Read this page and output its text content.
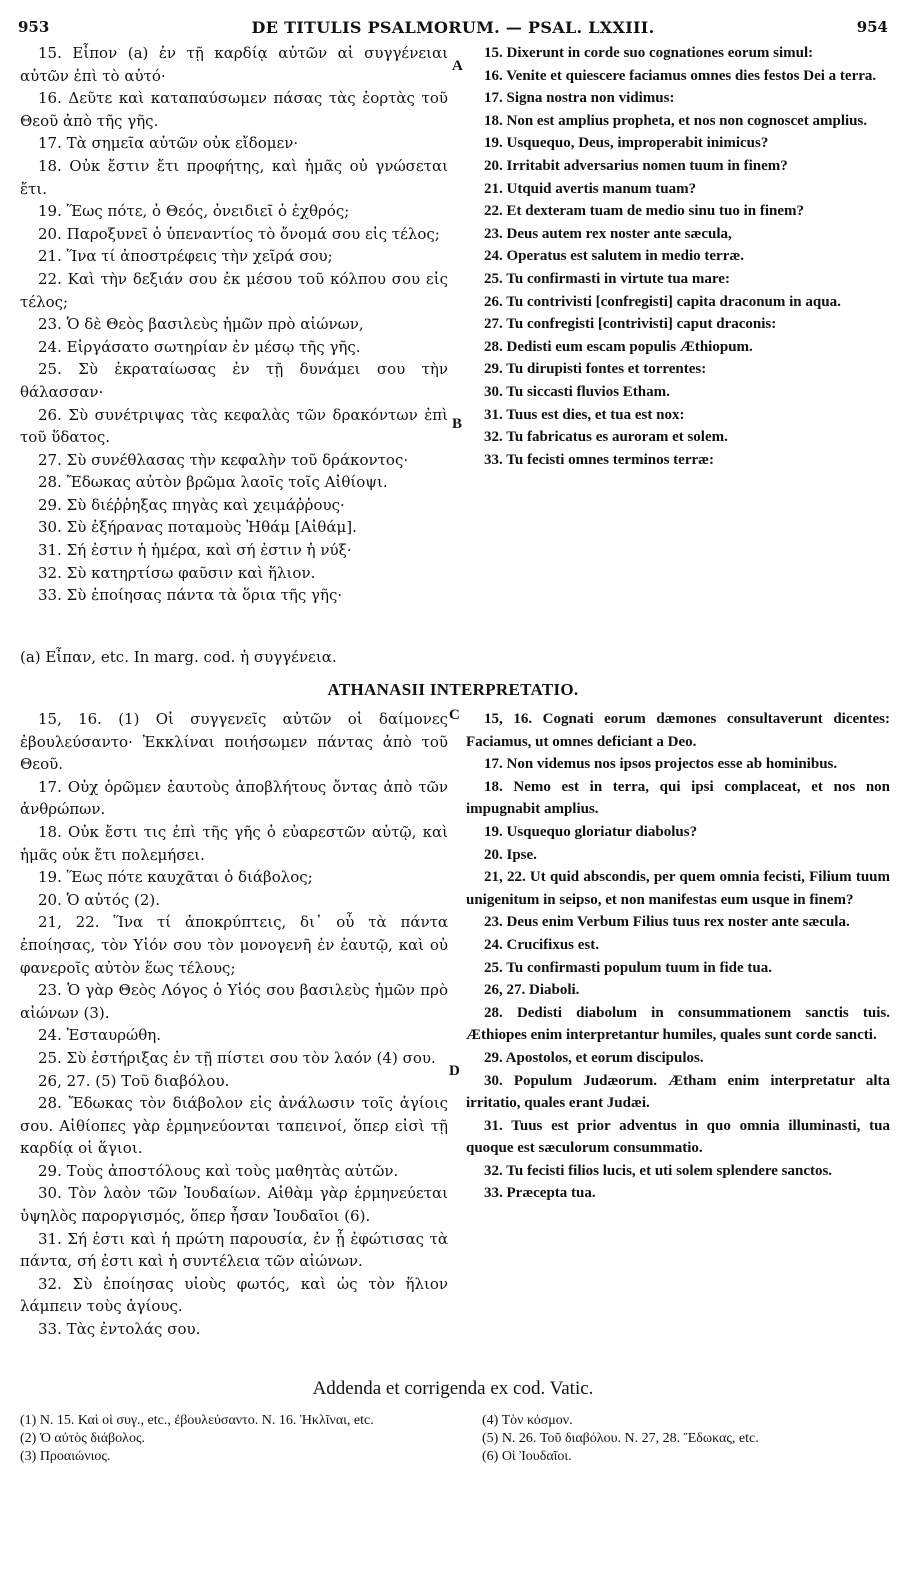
953	DE TITULIS PSALMORUM. — PSAL. LXXIII.	954

15. Εἶπον (a) ἐν τῇ καρδίᾳ αὐτῶν αἱ συγγένειαι αὐτῶν ἐπὶ τὸ αὐτό·

16. Δεῦτε καὶ καταπαύσωμεν πάσας τὰς ἑορτὰς τοῦ Θεοῦ ἀπὸ τῆς γῆς.

17. Τὰ σημεῖα αὐτῶν οὐκ εἴδομεν·

18. Οὐκ ἔστιν ἔτι προφήτης, καὶ ἡμᾶς οὐ γνώσεται ἔτι.

19. Ἕως πότε, ὁ Θεός, ὀνειδιεῖ ὁ ἐχθρός;

20. Παροξυνεῖ ὁ ὑπεναντίος τὸ ὄνομά σου εἰς τέλος;

21. Ἵνα τί ἀποστρέφεις τὴν χεῖρά σου;

22. Καὶ τὴν δεξιάν σου ἐκ μέσου τοῦ κόλπου σου εἰς τέλος;

23. Ὁ δὲ Θεὸς βασιλεὺς ἡμῶν πρὸ αἰώνων,

24. Εἰργάσατο σωτηρίαν ἐν μέσῳ τῆς γῆς.

25. Σὺ ἐκραταίωσας ἐν τῇ δυνάμει σου τὴν θάλασσαν·

26. Σὺ συνέτριψας τὰς κεφαλὰς τῶν δρακόντων ἐπὶ τοῦ ὕδατος.

27. Σὺ συνέθλασας τὴν κεφαλὴν τοῦ δράκοντος·

28. Ἔδωκας αὐτὸν βρῶμα λαοῖς τοῖς Αἰθίοψι.

29. Σὺ διέῤῥηξας πηγὰς καὶ χειμάῤῥους·

30. Σὺ ἐξήρανας ποταμοὺς Ἠθάμ [Αἰθάμ].

31. Σή ἐστιν ἡ ἡμέρα, καὶ σή ἐστιν ἡ νύξ·

32. Σὺ κατηρτίσω φαῦσιν καὶ ἥλιον.

33. Σὺ ἐποίησας πάντα τὰ ὅρια τῆς γῆς·

15. Dixerunt in corde suo cognationes eorum simul:

16. Venite et quiescere faciamus omnes dies festos Dei a terra.

17. Signa nostra non vidimus:

18. Non est amplius propheta, et nos non cognoscet amplius.

19. Usquequo, Deus, improperabit inimicus?

20. Irritabit adversarius nomen tuum in finem?

21. Utquid avertis manum tuam?

22. Et dexteram tuam de medio sinu tuo in finem?

23. Deus autem rex noster ante sæcula,

24. Operatus est salutem in medio terræ.

25. Tu confirmasti in virtute tua mare:

26. Tu contrivisti [confregisti] capita draconum in aqua.

27. Tu confregisti [contrivisti] caput draconis:

28. Dedisti eum escam populis Æthiopum.

29. Tu dirupisti fontes et torrentes:

30. Tu siccasti fluvios Etham.

31. Tuus est dies, et tua est nox:

32. Tu fabricatus es auroram et solem.

33. Tu fecisti omnes terminos terræ:

(a) Εἶπαν, etc. In marg. cod. ἡ συγγένεια.
A
B
C
D
ATHANASII INTERPRETATIO.

15, 16. (1) Οἱ συγγενεῖς αὐτῶν οἱ δαίμονες ἐβουλεύσαντο· Ἐκκλίναι ποιήσωμεν πάντας ἀπὸ τοῦ Θεοῦ.

17. Οὐχ ὁρῶμεν ἑαυτοὺς ἀποβλήτους ὄντας ἀπὸ τῶν ἀνθρώπων.

18. Οὐκ ἔστι τις ἐπὶ τῆς γῆς ὁ εὐαρεστῶν αὐτῷ, καὶ ἡμᾶς οὐκ ἔτι πολεμήσει.

19. Ἕως πότε καυχᾶται ὁ διάβολος;

20. Ὁ αὐτός (2).

21, 22. Ἵνα τί ἀποκρύπτεις, δι᾽ οὗ τὰ πάντα ἐποίησας, τὸν Υἱόν σου τὸν μονογενῆ ἐν ἑαυτῷ, καὶ οὐ φανεροῖς αὐτὸν ἕως τέλους;

23. Ὁ γὰρ Θεὸς Λόγος ὁ Υἱός σου βασιλεὺς ἡμῶν πρὸ αἰώνων (3).

24. Ἐσταυρώθη.

25. Σὺ ἐστήριξας ἐν τῇ πίστει σου τὸν λαόν (4) σου.

26, 27. (5) Τοῦ διαβόλου.

28. Ἔδωκας τὸν διάβολον εἰς ἀνάλωσιν τοῖς ἁγίοις σου. Αἰθίοπες γὰρ ἑρμηνεύονται ταπεινοί, ὅπερ εἰσὶ τῇ καρδίᾳ οἱ ἅγιοι.

29. Τοὺς ἀποστόλους καὶ τοὺς μαθητὰς αὐτῶν.

30. Τὸν λαὸν τῶν Ἰουδαίων. Αἰθὰμ γὰρ ἑρμηνεύεται ὑψηλὸς παροργισμός, ὅπερ ἦσαν Ἰουδαῖοι (6).

31. Σή ἐστι καὶ ἡ πρώτη παρουσία, ἐν ᾗ ἐφώτισας τὰ πάντα, σή ἐστι καὶ ἡ συντέλεια τῶν αἰώνων.

32. Σὺ ἐποίησας υἱοὺς φωτός, καὶ ὡς τὸν ἥλιον λάμπειν τοὺς ἁγίους.

33. Τὰς ἐντολάς σου.

15, 16. Cognati eorum dæmones consultaverunt dicentes: Faciamus, ut omnes deficiant a Deo.

17. Non videmus nos ipsos projectos esse ab hominibus.

18. Nemo est in terra, qui ipsi complaceat, et nos non impugnabit amplius.

19. Usquequo gloriatur diabolus?

20. Ipse.

21, 22. Ut quid abscondis, per quem omnia fecisti, Filium tuum unigenitum in seipso, et non manifestas eum usque in finem?

23. Deus enim Verbum Filius tuus rex noster ante sæcula.

24. Crucifixus est.

25. Tu confirmasti populum tuum in fide tua.

26, 27. Diaboli.

28. Dedisti diabolum in consummationem sanctis tuis. Æthiopes enim interpretantur humiles, quales sunt corde sancti.

29. Apostolos, et eorum discipulos.

30. Populum Judæorum. Ætham enim interpretatur alta irritatio, quales erant Judæi.

31. Tuus est prior adventus in quo omnia illuminasti, tua quoque est sæculorum consummatio.

32. Tu fecisti filios lucis, et uti solem splendere sanctos.

33. Præcepta tua.

Addenda et corrigenda ex cod. Vatic.

(1) N. 15. Καὶ οἱ συγ., etc., ἐβουλεύσαντο. N. 16. Ἠκλῖναι, etc.

(2) Ὁ αὐτὸς διάβολος.

(3) Προαιώνιος.

(4) Τὸν κόσμον.

(5) N. 26. Τοῦ διαβόλου. N. 27, 28. Ἔδωκας, etc.

(6) Οἱ Ἰουδαῖοι.
